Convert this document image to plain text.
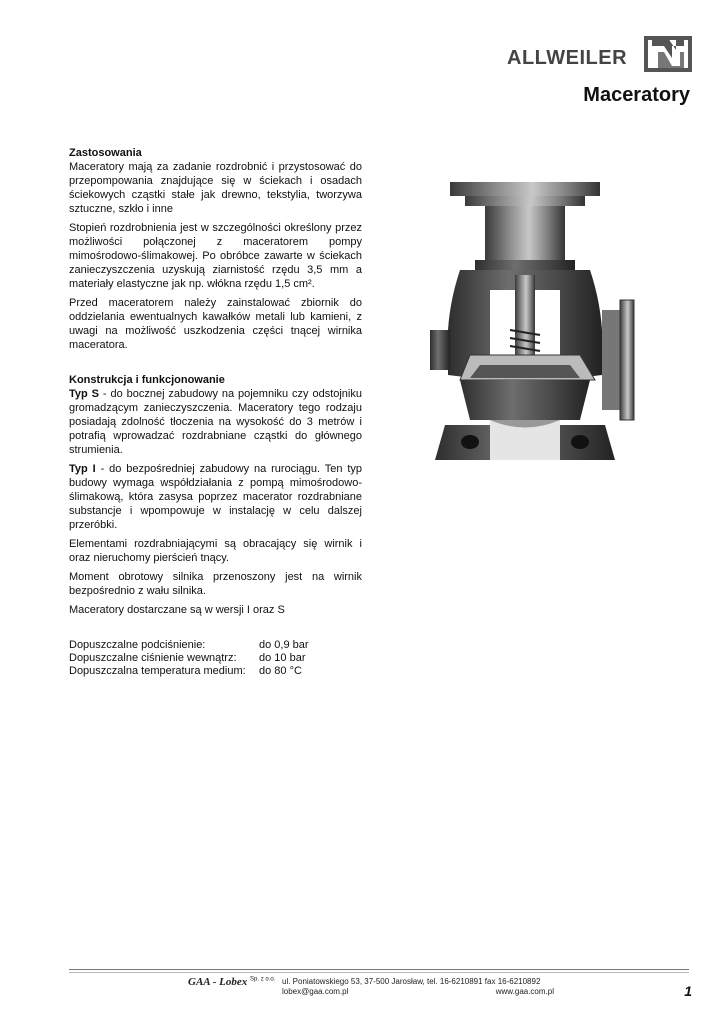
ALLWEILER
Maceratory
Zastosowania

Maceratory mają za zadanie rozdrobnić i przystosować do przepompowania znajdujące się w ściekach i osadach ściekowych cząstki stałe jak drewno, tekstylia, tworzywa sztuczne, szkło i inne

Stopień rozdrobnienia jest w szczególności określony przez możliwości połączonej z maceratorem pompy mimośrodowo-ślimakowej. Po obróbce zawarte w ściekach zanieczyszczenia uzyskują ziarnistość rzędu 3,5 mm a materiały elastyczne jak np. włókna rzędu 1,5 cm².

Przed maceratorem należy zainstalować zbiornik do oddzielania ewentualnych kawałków metali lub kamieni, z uwagi na możliwość uszkodzenia części tnącej wirnika maceratora.

Konstrukcja i funkcjonowanie

Typ S - do bocznej zabudowy na pojemniku czy odstojniku gromadzącym zanieczyszczenia. Maceratory tego rodzaju posiadają zdolność tłoczenia na wysokość do 3 metrów i potrafią wprowadzać rozdrabniane cząstki do głównego strumienia.

Typ I - do bezpośredniej zabudowy na rurociągu. Ten typ budowy wymaga współdziałania z pompą mimośrodowo-ślimakową, która zasysa poprzez macerator rozdrabniane substancje i wpompowuje w instalację w celu dalszej przeróbki.

Elementami rozdrabniającymi są obracający się wirnik i oraz nieruchomy pierścień tnący.

Moment obrotowy silnika przenoszony jest na wirnik bezpośrednio z wału silnika.

Maceratory dostarczane są w wersji I oraz S

Dopuszczalne podciśnienie:	do 0,9 bar
Dopuszczalne ciśnienie wewnątrz:	do 10 bar
Dopuszczalna temperatura medium:	do 80 °C
GAA - Lobex $^{Sp. z o.o.}$ ul. Poniatowskiego 53, 37-500 Jarosław, tel. 16-6210891 fax 16-6210892
lobex@gaa.com.pl	www.gaa.com.pl	1
